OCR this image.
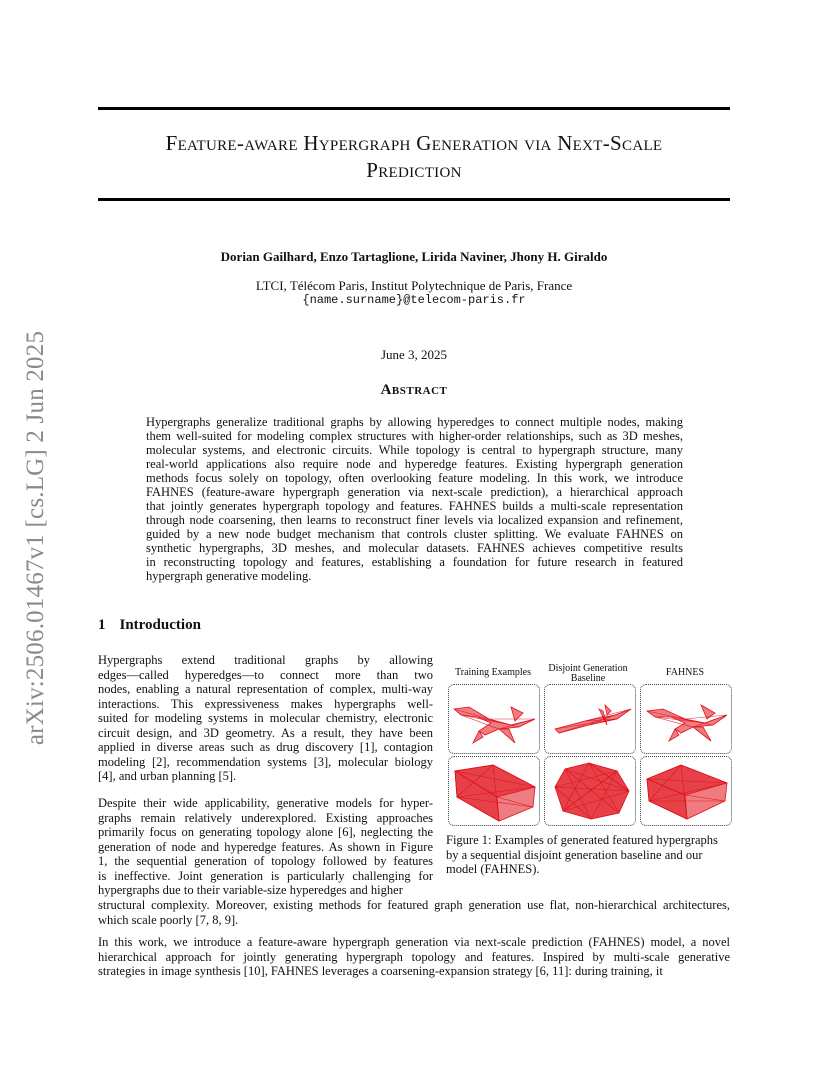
Feature-aware Hypergraph Generation via Next-Scale
Prediction
arXiv:2506.01467v1 [cs.LG] 2 Jun 2025
Dorian Gailhard, Enzo Tartaglione, Lirida Naviner, Jhony H. Giraldo
LTCI, Télécom Paris, Institut Polytechnique de Paris, France
{name.surname}@telecom-paris.fr
June 3, 2025
Abstract
Hypergraphs generalize traditional graphs by allowing hyperedges to connect multiple nodes, making
them well-suited for modeling complex structures with higher-order relationships, such as 3D meshes,
molecular systems, and electronic circuits. While topology is central to hypergraph structure, many
real-world applications also require node and hyperedge features. Existing hypergraph generation
methods focus solely on topology, often overlooking feature modeling. In this work, we introduce
FAHNES (feature-aware hypergraph generation via next-scale prediction), a hierarchical approach
that jointly generates hypergraph topology and features. FAHNES builds a multi-scale representation
through node coarsening, then learns to reconstruct finer levels via localized expansion and refinement,
guided by a new node budget mechanism that controls cluster splitting. We evaluate FAHNES on
synthetic hypergraphs, 3D meshes, and molecular datasets. FAHNES achieves competitive results
in reconstructing topology and features, establishing a foundation for future research in featured
hypergraph generative modeling.
1 Introduction
Hypergraphs extend traditional graphs by allowing
edges—called hyperedges—to connect more than two
nodes, enabling a natural representation of complex, multi-way
interactions. This expressiveness makes hypergraphs well-
suited for modeling systems in molecular chemistry, electronic
circuit design, and 3D geometry. As a result, they have been
applied in diverse areas such as drug discovery [1], contagion
modeling [2], recommendation systems [3], molecular biology
[4], and urban planning [5].
Despite their wide applicability, generative models for hyper-
graphs remain relatively underexplored. Existing approaches
primarily focus on generating topology alone [6], neglecting the
generation of node and hyperedge features. As shown in Figure
1, the sequential generation of topology followed by features
is ineffective. Joint generation is particularly challenging for
hypergraphs due to their variable-size hyperedges and higher
structural complexity. Moreover, existing methods for featured graph generation use flat, non-hierarchical architectures,
which scale poorly [7, 8, 9].
In this work, we introduce a feature-aware hypergraph generation via next-scale prediction (FAHNES) model, a novel
hierarchical approach for jointly generating hypergraph topology and features. Inspired by multi-scale generative
strategies in image synthesis [10], FAHNES leverages a coarsening-expansion strategy [6, 11]: during training, it
Training Examples	Disjoint Generation Baseline
FAHNES
Figure 1: Examples of generated featured hypergraphs
by a sequential disjoint generation baseline and our
model (FAHNES).
